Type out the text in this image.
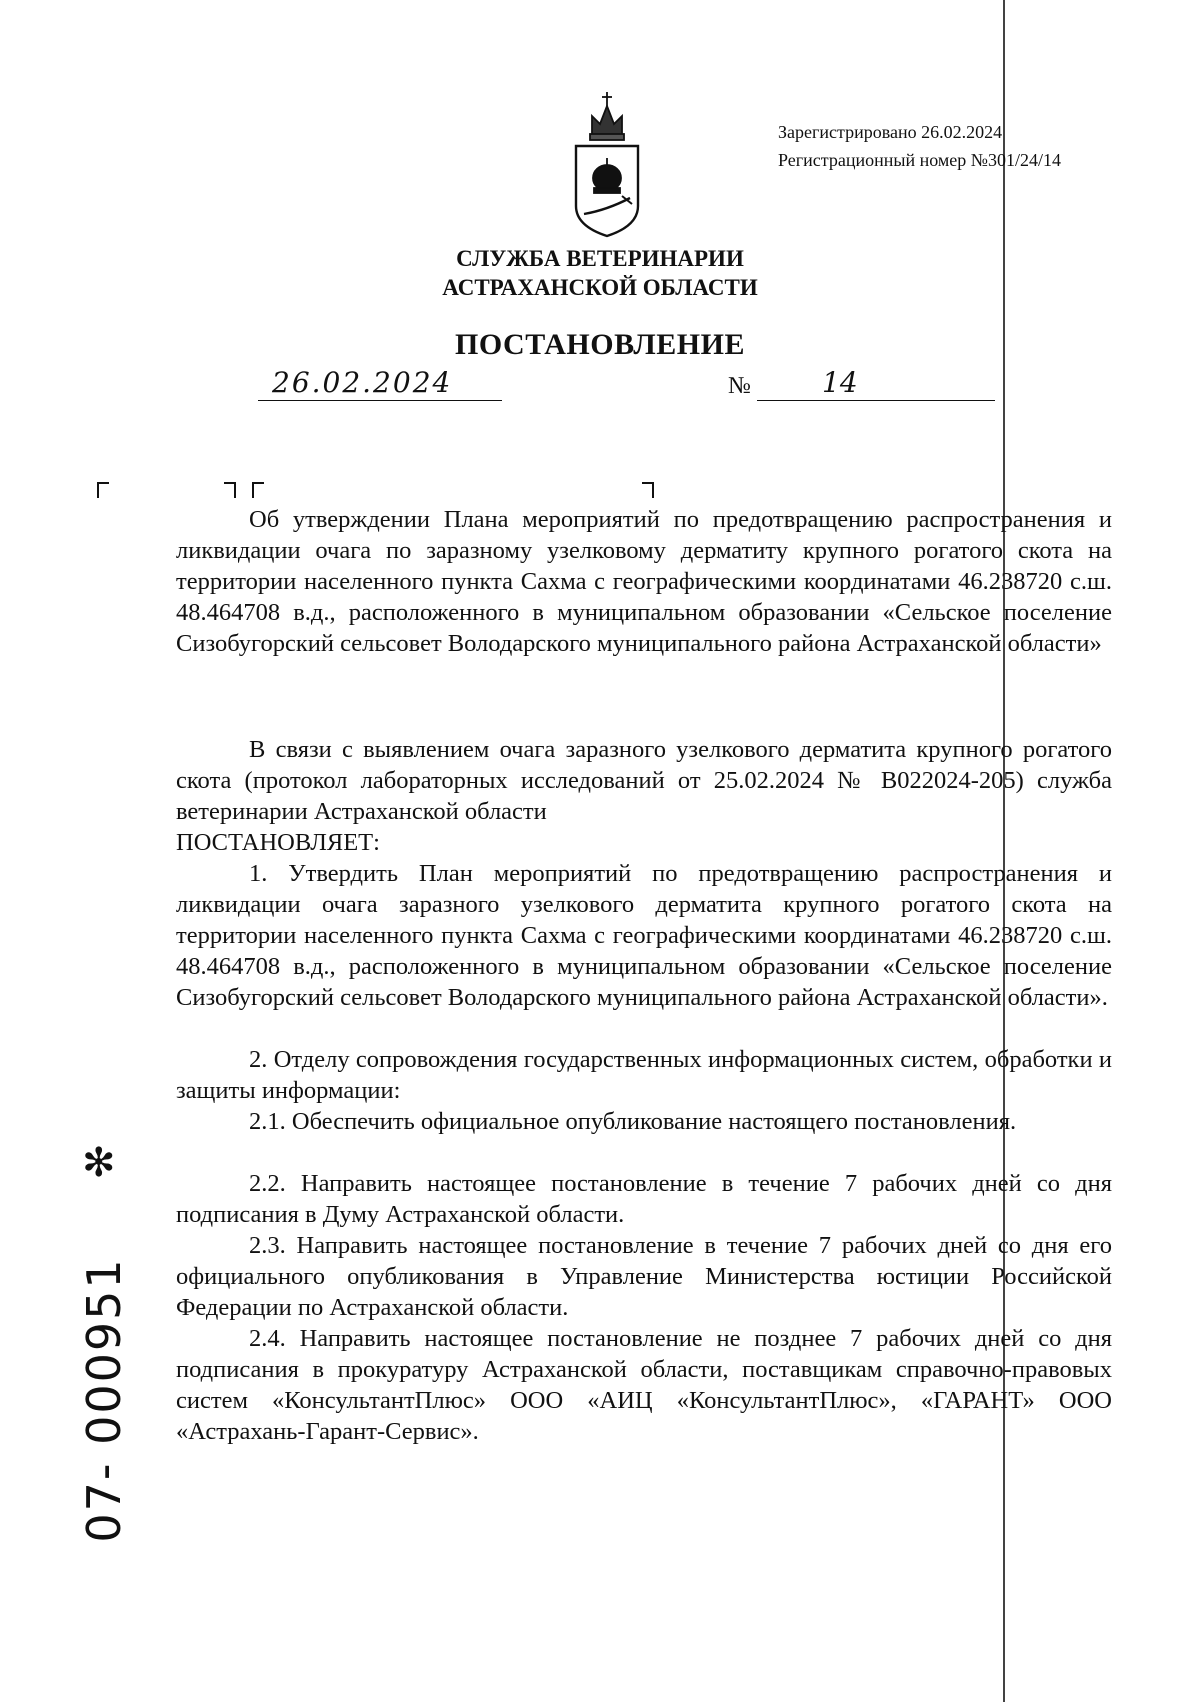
Зарегистрировано 26.02.2024
Регистрационный номер №301/24/14
СЛУЖБА ВЕТЕРИНАРИИ
АСТРАХАНСКОЙ ОБЛАСТИ
ПОСТАНОВЛЕНИЕ
26.02.2024	№	14
Об утверждении Плана мероприятий по предотвращению распространения и ликвидации очага по заразному узелковому дерматиту крупного рогатого скота на территории населенного пункта Сахма с географическими координатами 46.238720 с.ш. 48.464708 в.д., расположенного в муниципальном образовании «Сельское поселение Сизобугорский сельсовет Володарского муниципального района Астраханской области»
В связи с выявлением очага заразного узелкового дерматита крупного рогатого скота (протокол лабораторных исследований от 25.02.2024 № В022024-205) служба ветеринарии Астраханской области
ПОСТАНОВЛЯЕТ:
1. Утвердить План мероприятий по предотвращению распространения и ликвидации очага заразного узелкового дерматита крупного рогатого скота на территории населенного пункта Сахма с географическими координатами 46.238720 с.ш. 48.464708 в.д., расположенного в муниципальном образовании «Сельское поселение Сизобугорский сельсовет Володарского муниципального района Астраханской области».
2. Отделу сопровождения государственных информационных систем, обработки и защиты информации:
2.1. Обеспечить официальное опубликование настоящего постановления.
2.2. Направить настоящее постановление в течение 7 рабочих дней со дня подписания в Думу Астраханской области.
2.3. Направить настоящее постановление в течение 7 рабочих дней со дня его официального опубликования в Управление Министерства юстиции Российской Федерации по Астраханской области.
2.4. Направить настоящее постановление не позднее 7 рабочих дней со дня подписания в прокуратуру Астраханской области, поставщикам справочно-правовых систем «КонсультантПлюс» ООО «АИЦ «КонсультантПлюс», «ГАРАНТ» ООО «Астрахань-Гарант-Сервис».
✻
07- 000951
